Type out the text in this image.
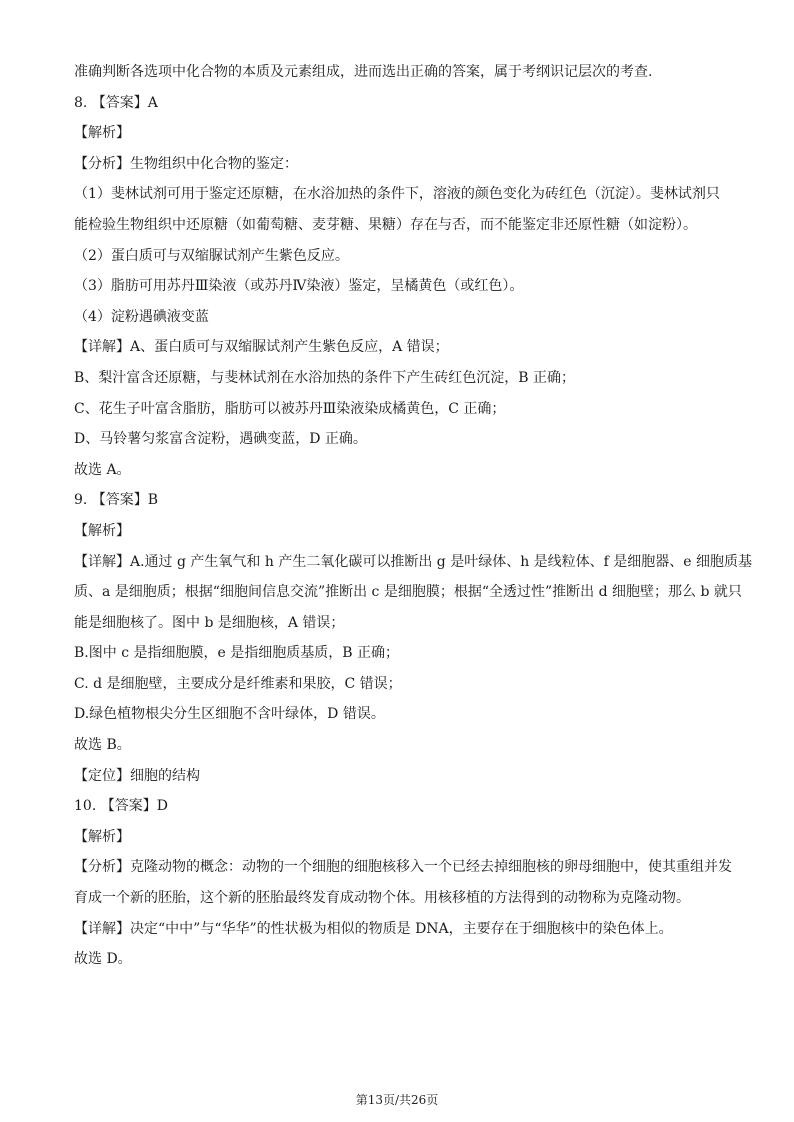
准确判断各选项中化合物的本质及元素组成，进而选出正确的答案，属于考纲识记层次的考查.
8. 【答案】A
【解析】
【分析】生物组织中化合物的鉴定：
（1）斐林试剂可用于鉴定还原糖，在水浴加热的条件下，溶液的颜色变化为砖红色（沉淀）。斐林试剂只
能检验生物组织中还原糖（如葡萄糖、麦芽糖、果糖）存在与否，而不能鉴定非还原性糖（如淀粉）。
（2）蛋白质可与双缩脲试剂产生紫色反应。
（3）脂肪可用苏丹Ⅲ染液（或苏丹Ⅳ染液）鉴定，呈橘黄色（或红色）。
（4）淀粉遇碘液变蓝
【详解】A、蛋白质可与双缩脲试剂产生紫色反应，A 错误；
B、梨汁富含还原糖，与斐林试剂在水浴加热的条件下产生砖红色沉淀，B 正确；
C、花生子叶富含脂肪，脂肪可以被苏丹Ⅲ染液染成橘黄色，C 正确；
D、马铃薯匀浆富含淀粉，遇碘变蓝，D 正确。
故选 A。
9. 【答案】B
【解析】
【详解】A.通过 g 产生氧气和 h 产生二氧化碳可以推断出 g 是叶绿体、h 是线粒体、f 是细胞器、e 细胞质基
质、a 是细胞质；根据“细胞间信息交流”推断出 c 是细胞膜；根据“全透过性”推断出 d 细胞壁；那么 b 就只
能是细胞核了。图中 b 是细胞核，A 错误；
B.图中 c 是指细胞膜，e 是指细胞质基质，B 正确；
C. d 是细胞壁，主要成分是纤维素和果胶，C 错误；
D.绿色植物根尖分生区细胞不含叶绿体，D 错误。
故选 B。
【定位】细胞的结构
10. 【答案】D
【解析】
【分析】克隆动物的概念：动物的一个细胞的细胞核移入一个已经去掉细胞核的卵母细胞中，使其重组并发
育成一个新的胚胎，这个新的胚胎最终发育成动物个体。用核移植的方法得到的动物称为克隆动物。
【详解】决定“中中”与“华华”的性状极为相似的物质是 DNA，主要存在于细胞核中的染色体上。
故选 D。
第13页/共26页
